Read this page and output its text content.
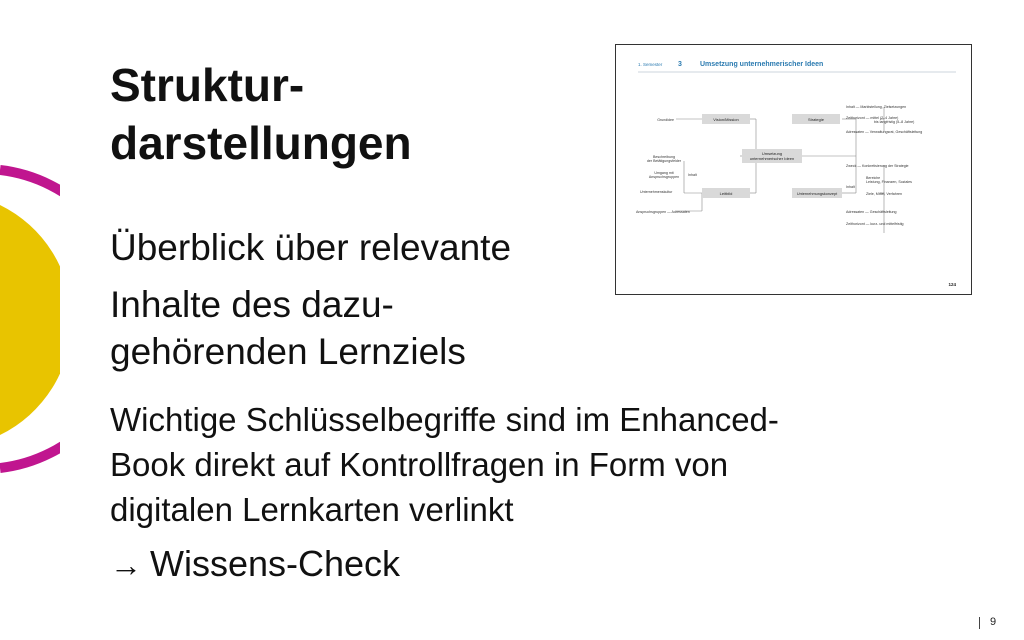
Struktur-
darstellungen
Überblick über relevante
Inhalte des dazu-
gehörenden Lernziels
Wichtige Schlüsselbegriffe sind im Enhanced-
Book direkt auf Kontrollfragen in Form von
digitalen Lernkarten verlinkt
→ Wissens-Check
1. Semester 3	Umsetzung unternehmerischer Ideen
Vision/Mission	Strategie
Umsetzung
unternehmerischer Ideen
Leitbild	Unternehmungskonzept
Grundidee
Beschreibung
der Betätigungsfelder
Umgang mit
Anspruchsgruppen Inhalt
Unternehmenskultur
Anspruchsgruppen — Adressaten
Inhalt — Marktstellung, Zielsetzungen
Zeithorizont — mittel (2–4 Jahre)
bis langfristig (5–8 Jahre)
Adressaten — Verwaltungsrat, Geschäftsleitung
Zweck — Konkretisierung der Strategie
Bereiche
Leistung, Finanzen, Soziales
Inhalt
Ziele, Mittel, Verfahren
Adressaten — Geschäftsleitung
Zeithorizont — kurz- und mittelfristig
124
9
